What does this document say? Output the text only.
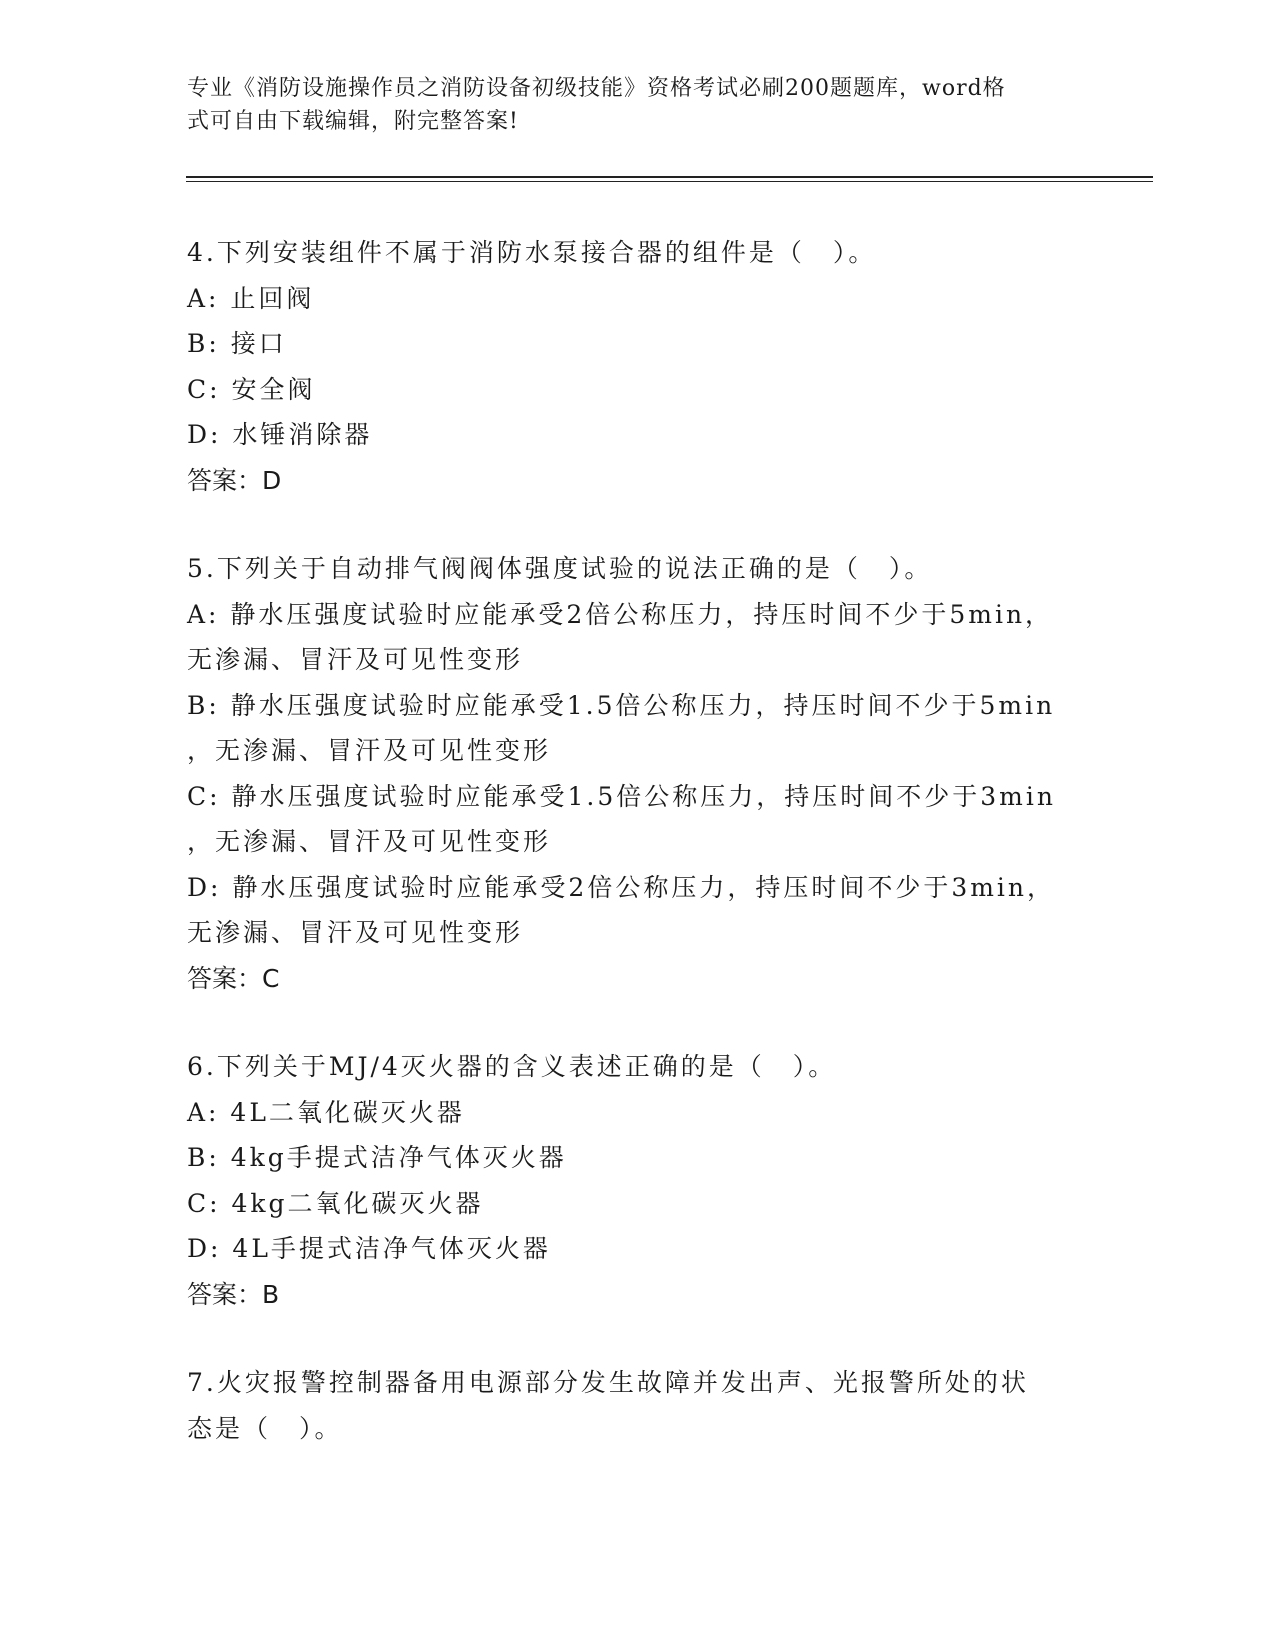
专业《消防设施操作员之消防设备初级技能》资格考试必刷200题题库，word格
式可自由下载编辑，附完整答案!
4.下列安装组件不属于消防水泵接合器的组件是（　）。
A: 止回阀
B: 接口
C: 安全阀
D: 水锤消除器
答案：D
5.下列关于自动排气阀阀体强度试验的说法正确的是（　）。
A: 静水压强度试验时应能承受2倍公称压力，持压时间不少于5min，
无渗漏、冒汗及可见性变形
B: 静水压强度试验时应能承受1.5倍公称压力，持压时间不少于5min
，无渗漏、冒汗及可见性变形
C: 静水压强度试验时应能承受1.5倍公称压力，持压时间不少于3min
，无渗漏、冒汗及可见性变形
D: 静水压强度试验时应能承受2倍公称压力，持压时间不少于3min，
无渗漏、冒汗及可见性变形
答案：C
6.下列关于MJ/4灭火器的含义表述正确的是（　）。
A: 4L二氧化碳灭火器
B: 4kg手提式洁净气体灭火器
C: 4kg二氧化碳灭火器
D: 4L手提式洁净气体灭火器
答案：B
7.火灾报警控制器备用电源部分发生故障并发出声、光报警所处的状
态是（　）。
